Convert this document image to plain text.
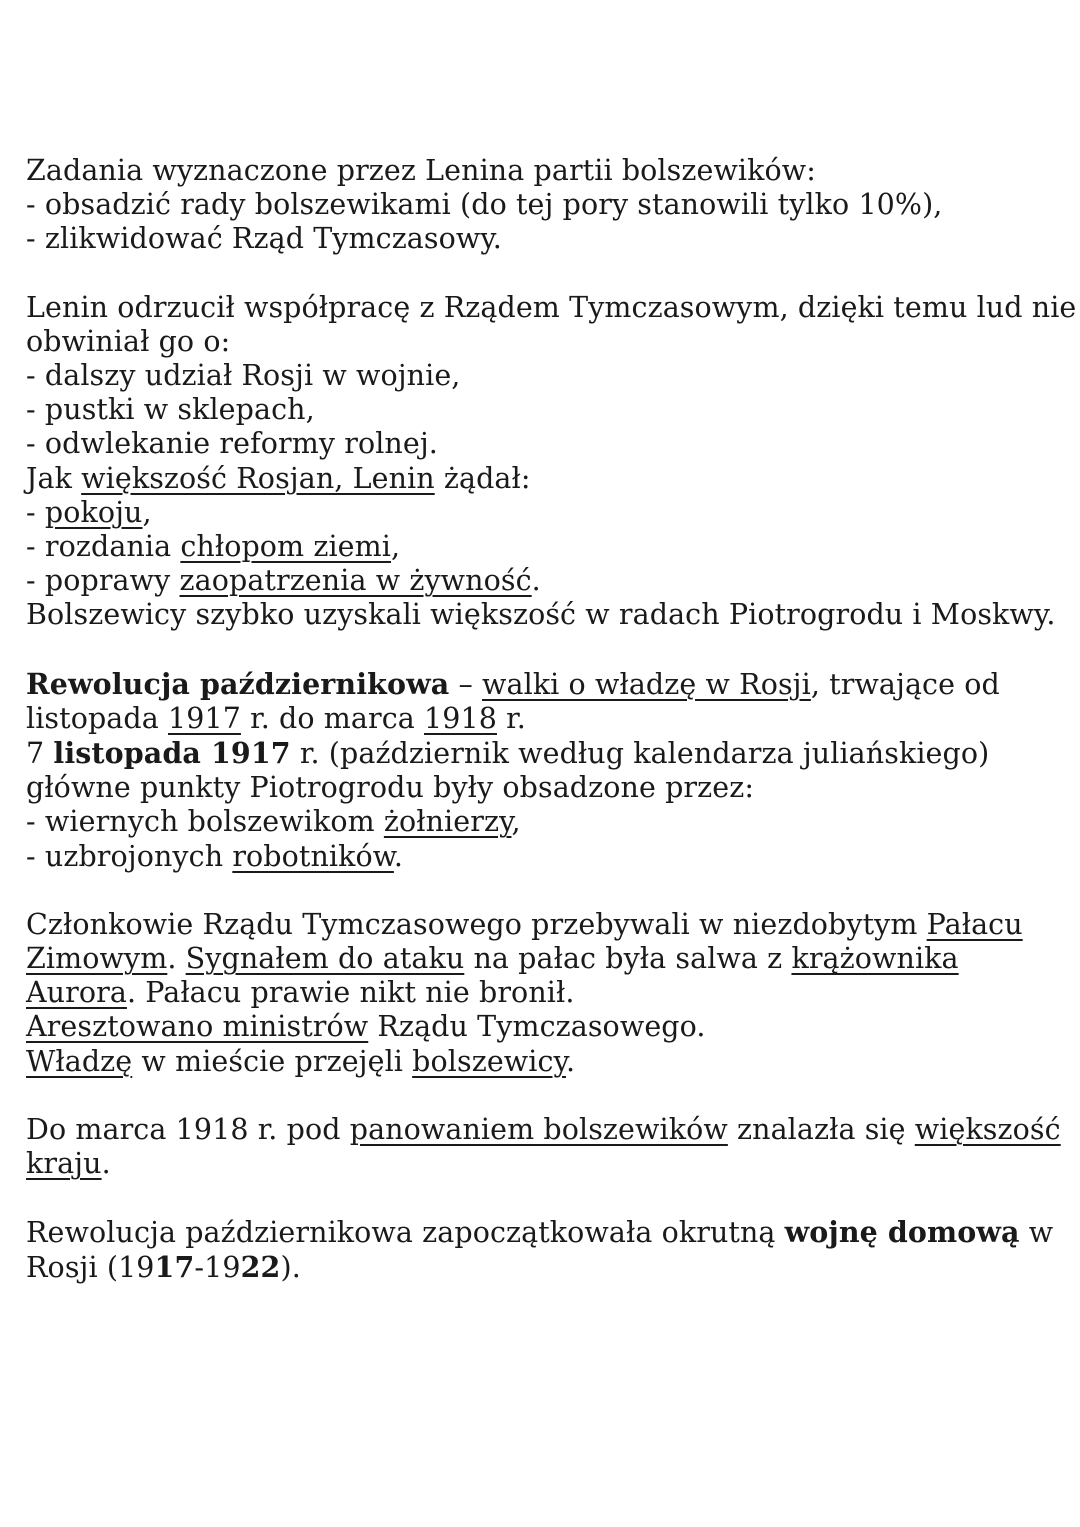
Zadania wyznaczone przez Lenina partii bolszewików:
- obsadzić rady bolszewikami (do tej pory stanowili tylko 10%),
- zlikwidować Rząd Tymczasowy.
Lenin odrzucił współpracę z Rządem Tymczasowym, dzięki temu lud nie
obwiniał go o:
- dalszy udział Rosji w wojnie,
- pustki w sklepach,
- odwlekanie reformy rolnej.
Jak większość Rosjan, Lenin żądał:
- pokoju,
- rozdania chłopom ziemi,
- poprawy zaopatrzenia w żywność.
Bolszewicy szybko uzyskali większość w radach Piotrogrodu i Moskwy.
Rewolucja październikowa – walki o władzę w Rosji, trwające od
listopada 1917 r. do marca 1918 r.
7 listopada 1917 r. (październik według kalendarza juliańskiego)
główne punkty Piotrogrodu były obsadzone przez:
- wiernych bolszewikom żołnierzy,
- uzbrojonych robotników.
Członkowie Rządu Tymczasowego przebywali w niezdobytym Pałacu
Zimowym. Sygnałem do ataku na pałac była salwa z krążownika
Aurora. Pałacu prawie nikt nie bronił.
Aresztowano ministrów Rządu Tymczasowego.
Władzę w mieście przejęli bolszewicy.
Do marca 1918 r. pod panowaniem bolszewików znalazła się większość
kraju.
Rewolucja październikowa zapoczątkowała okrutną wojnę domową w
Rosji (1917-1922).
